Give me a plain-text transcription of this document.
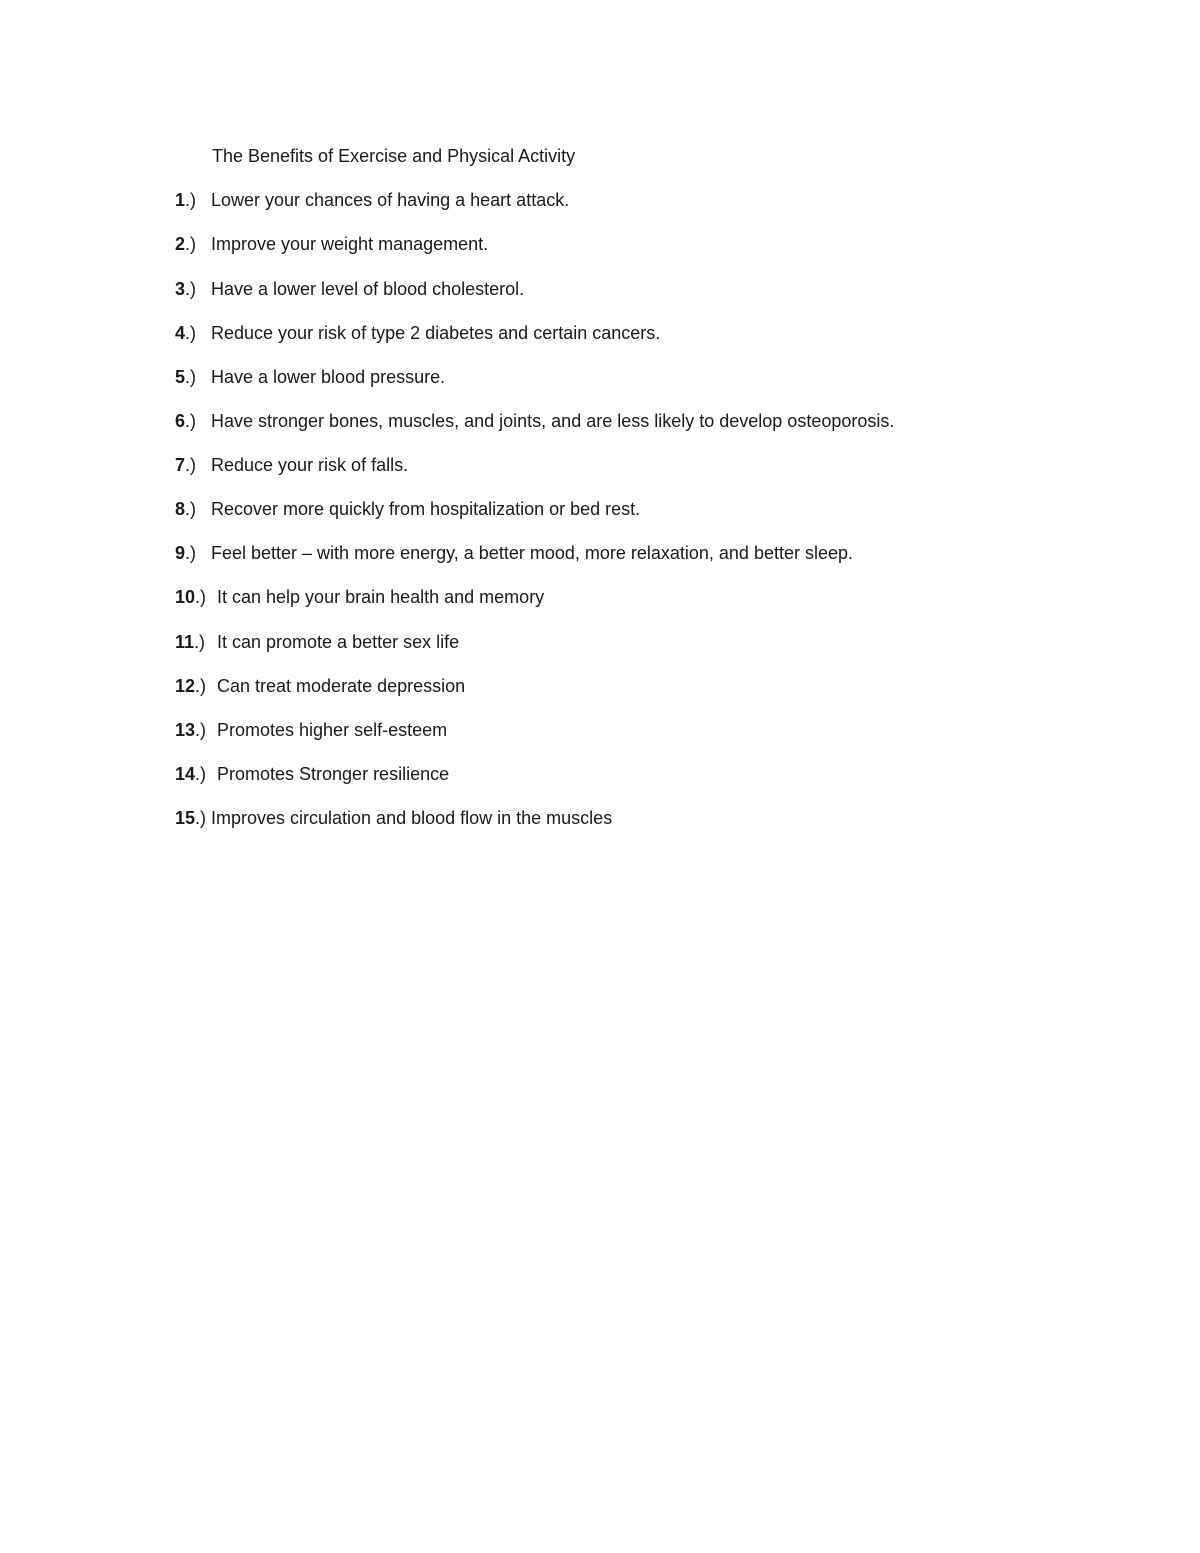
The Benefits of Exercise and Physical Activity
1.) Lower your chances of having a heart attack.
2.) Improve your weight management.
3.) Have a lower level of blood cholesterol.
4.) Reduce your risk of type 2 diabetes and certain cancers.
5.) Have a lower blood pressure.
6.) Have stronger bones, muscles, and joints, and are less likely to develop osteoporosis.
7.) Reduce your risk of falls.
8.) Recover more quickly from hospitalization or bed rest.
9.) Feel better – with more energy, a better mood, more relaxation, and better sleep.
10.) It can help your brain health and memory
11.) It can promote a better sex life
12.) Can treat moderate depression
13.) Promotes higher self-esteem
14.) Promotes Stronger resilience
15.) Improves circulation and blood flow in the muscles
